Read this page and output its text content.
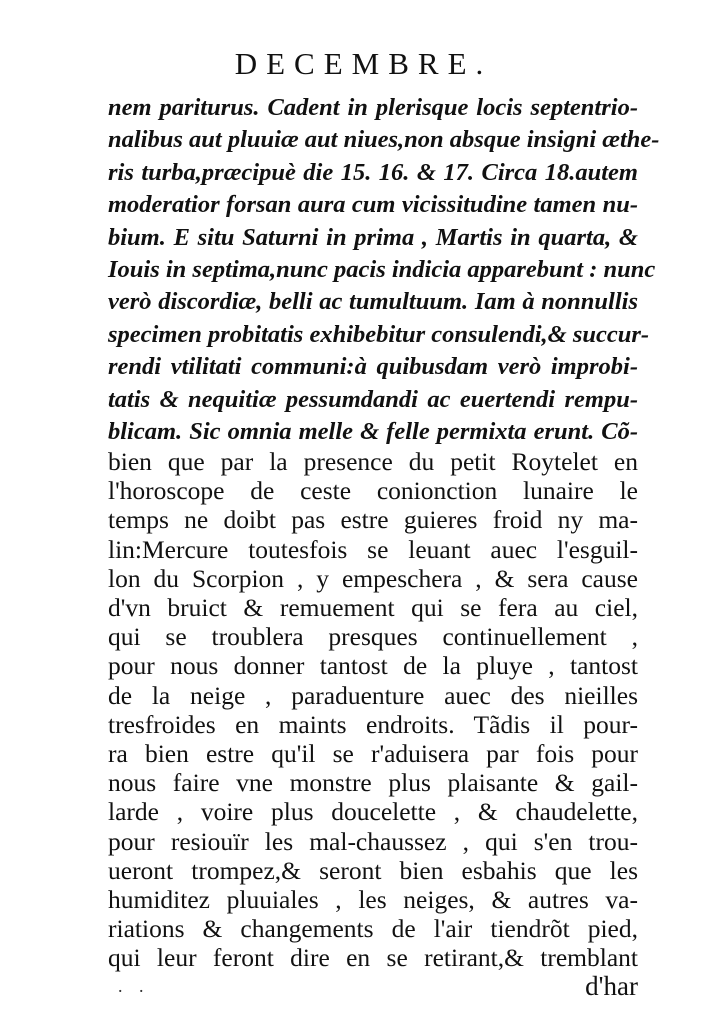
DECEMBRE.
nem pariturus. Cadent in plerisque locis septentrio-
nalibus aut pluuiæ aut niues,non absque insigni æthe-
ris turba,præcipuè die 15. 16. & 17. Circa 18.autem
moderatior forsan aura cum vicissitudine tamen nu-
bium. E situ Saturni in prima , Martis in quarta, &
Iouis in septima,nunc pacis indicia apparebunt : nunc
verò discordiæ, belli ac tumultuum. Iam à nonnullis
specimen probitatis exhibebitur consulendi,& succur-
rendi vtilitati communi:à quibusdam verò improbi-
tatis & nequitiæ pessumdandi ac euertendi rempu-
blicam. Sic omnia melle & felle permixta erunt. Cõ-
bien que par la presence du petit Roytelet en
l'horoscope de ceste conionction lunaire le
temps ne doibt pas estre guieres froid ny ma-
lin:Mercure toutesfois se leuant auec l'esguil-
lon du Scorpion , y empeschera , & sera cause
d'vn bruict & remuement qui se fera au ciel,
qui se troublera presques continuellement ,
pour nous donner tantost de la pluye , tantost
de la neige , paraduenture auec des nieilles
tresfroides en maints endroits. Tãdis il pour-
ra bien estre qu'il se r'aduisera par fois pour
nous faire vne monstre plus plaisante & gail-
larde , voire plus doucelette , & chaudelette,
pour resiouïr les mal-chaussez , qui s'en trou-
ueront trompez,& seront bien esbahis que les
humiditez pluuiales , les neiges, & autres va-
riations & changements de l'air tiendrõt pied,
qui leur feront dire en se retirant,& tremblant
. .	d'har
